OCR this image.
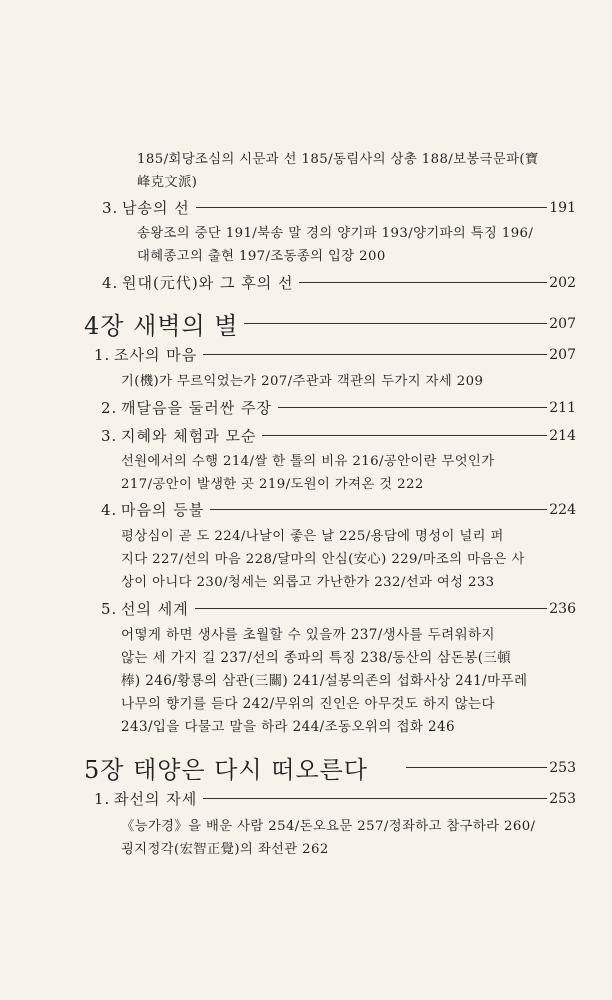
185/회당조심의 시문과 선 185/동림사의 상총 188/보봉극문파(寶
峰克文派)
3. 남송의 선	191
송왕조의 중단 191/북송 말 경의 양기파 193/양기파의 특징 196/
대혜종고의 출현 197/조동종의 입장 200
4. 원대(元代)와 그 후의 선	202
4장 새벽의 별	207
1. 조사의 마음	207
기(機)가 무르익었는가 207/주관과 객관의 두가지 자세 209
2. 깨달음을 둘러싼 주장	211
3. 지혜와 체험과 모순	214
선원에서의 수행 214/쌀 한 톨의 비유 216/공안이란 무엇인가
217/공안이 발생한 곳 219/도원이 가져온 것 222
4. 마음의 등불	224
평상심이 곧 도 224/나날이 좋은 날 225/용담에 명성이 널리 퍼
지다 227/선의 마음 228/달마의 안심(安心) 229/마조의 마음은 사
상이 아니다 230/청세는 외롭고 가난한가 232/선과 여성 233
5. 선의 세계	236
어떻게 하면 생사를 초월할 수 있을까 237/생사를 두려워하지
않는 세 가지 길 237/선의 종파의 특징 238/동산의 삼돈봉(三頓
棒) 246/황룡의 삼관(三關) 241/설봉의존의 섭화사상 241/마푸레
나무의 향기를 듣다 242/무위의 진인은 아무것도 하지 않는다
243/입을 다물고 말을 하라 244/조동오위의 접화 246
5장 태양은 다시 떠오른다	253
1. 좌선의 자세	253
《능가경》을 배운 사람 254/돈오요문 257/정좌하고 참구하라 260/
굉지정각(宏智正覺)의 좌선관 262
